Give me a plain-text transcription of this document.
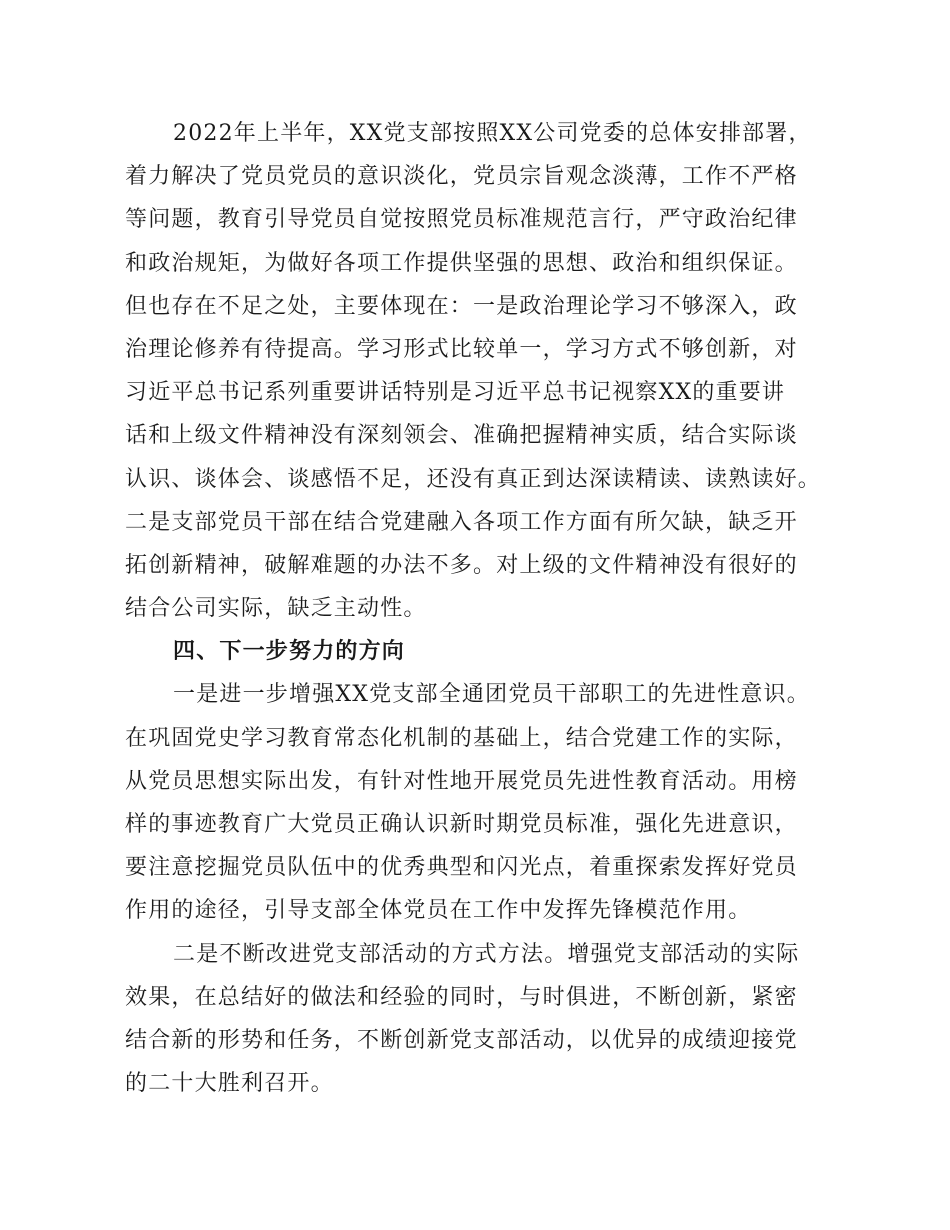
2022年上半年，XX党支部按照XX公司党委的总体安排部署，
着力解决了党员党员的意识淡化，党员宗旨观念淡薄，工作不严格
等问题，教育引导党员自觉按照党员标准规范言行，严守政治纪律
和政治规矩，为做好各项工作提供坚强的思想、政治和组织保证。
但也存在不足之处，主要体现在：一是政治理论学习不够深入，政
治理论修养有待提高。学习形式比较单一，学习方式不够创新，对
习近平总书记系列重要讲话特别是习近平总书记视察XX的重要讲
话和上级文件精神没有深刻领会、准确把握精神实质，结合实际谈
认识、谈体会、谈感悟不足，还没有真正到达深读精读、读熟读好。
二是支部党员干部在结合党建融入各项工作方面有所欠缺，缺乏开
拓创新精神，破解难题的办法不多。对上级的文件精神没有很好的
结合公司实际，缺乏主动性。
四、下一步努力的方向
一是进一步增强XX党支部全通团党员干部职工的先进性意识。
在巩固党史学习教育常态化机制的基础上，结合党建工作的实际，
从党员思想实际出发，有针对性地开展党员先进性教育活动。用榜
样的事迹教育广大党员正确认识新时期党员标准，强化先进意识，
要注意挖掘党员队伍中的优秀典型和闪光点，着重探索发挥好党员
作用的途径，引导支部全体党员在工作中发挥先锋模范作用。
二是不断改进党支部活动的方式方法。增强党支部活动的实际
效果，在总结好的做法和经验的同时，与时俱进，不断创新，紧密
结合新的形势和任务，不断创新党支部活动，以优异的成绩迎接党
的二十大胜利召开。
